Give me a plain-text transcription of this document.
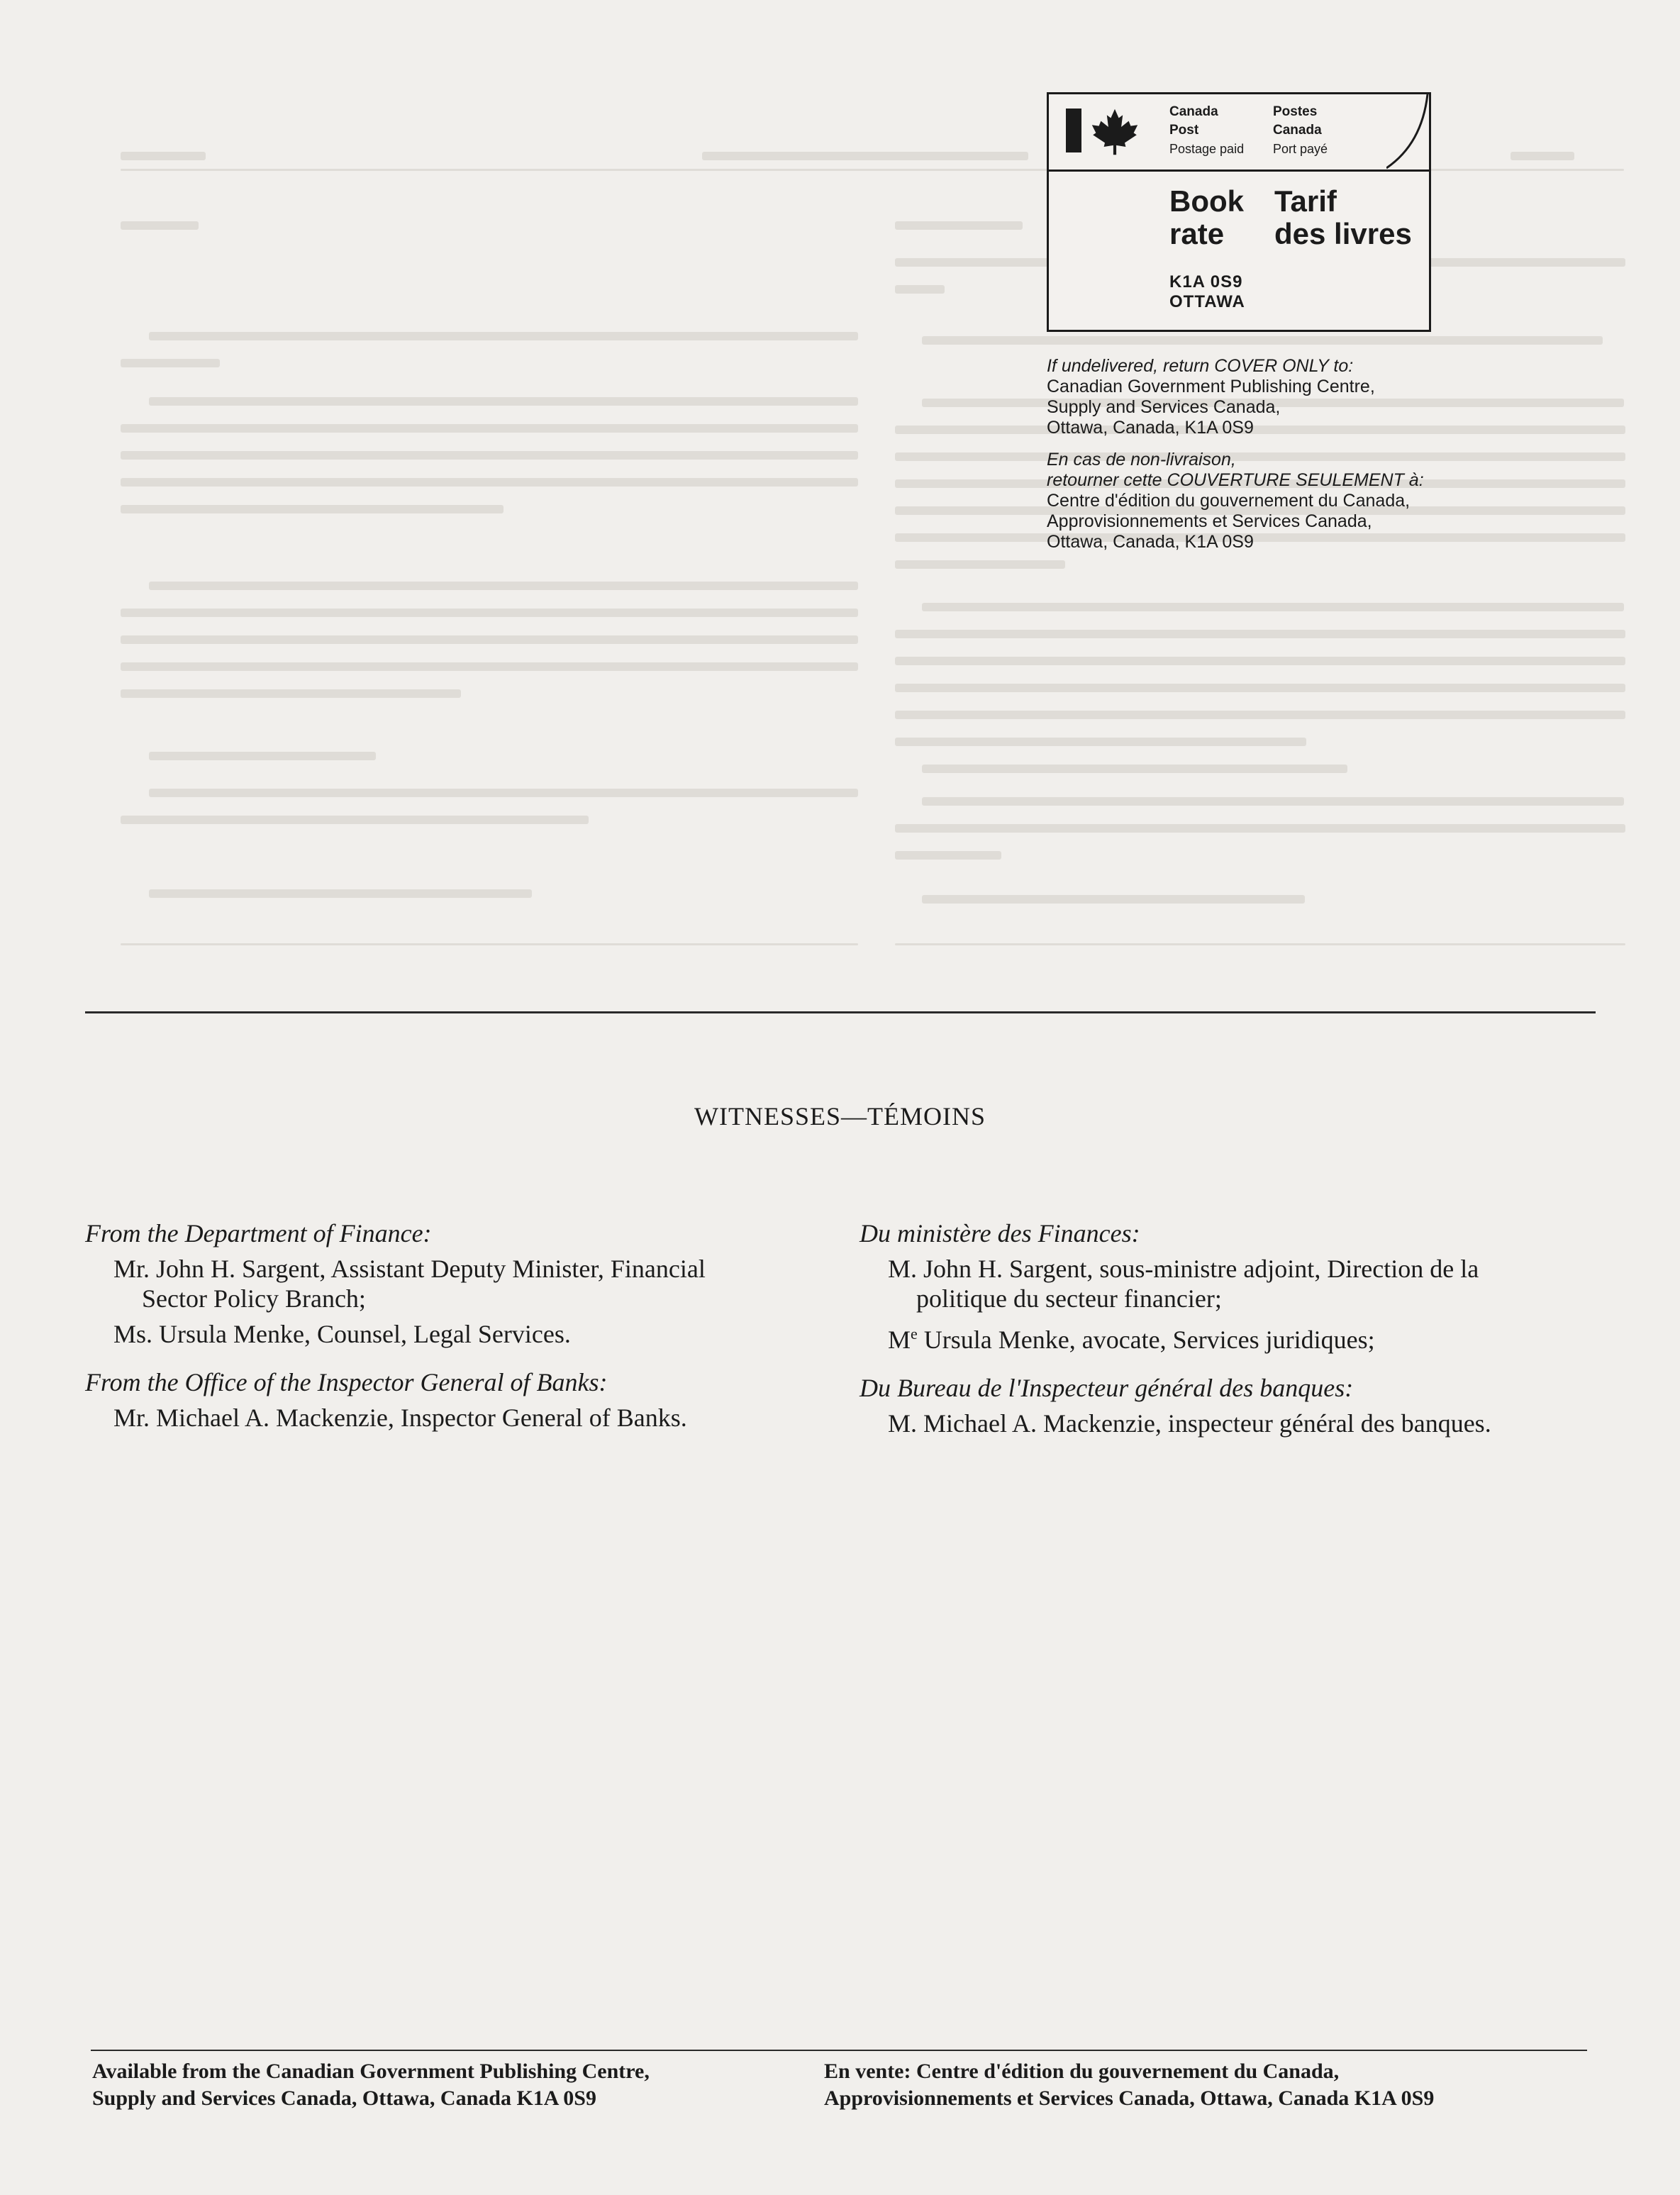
Canada
Post
Postage paid
Postes
Canada
Port payé
Book
rate
Tarif
des livres
K1A 0S9
OTTAWA
If undelivered, return COVER ONLY to:
Canadian Government Publishing Centre,
Supply and Services Canada,
Ottawa, Canada, K1A 0S9
En cas de non-livraison,
retourner cette COUVERTURE SEULEMENT à:
Centre d'édition du gouvernement du Canada,
Approvisionnements et Services Canada,
Ottawa, Canada, K1A 0S9
WITNESSES—TÉMOINS
From the Department of Finance:
Mr. John H. Sargent, Assistant Deputy Minister, Financial
Sector Policy Branch;
Ms. Ursula Menke, Counsel, Legal Services.
From the Office of the Inspector General of Banks:
Mr. Michael A. Mackenzie, Inspector General of Banks.
Du ministère des Finances:
M. John H. Sargent, sous-ministre adjoint, Direction de la
politique du secteur financier;
Me Ursula Menke, avocate, Services juridiques;
Du Bureau de l'Inspecteur général des banques:
M. Michael A. Mackenzie, inspecteur général des banques.
Available from the Canadian Government Publishing Centre,
Supply and Services Canada, Ottawa, Canada K1A 0S9
En vente: Centre d'édition du gouvernement du Canada,
Approvisionnements et Services Canada, Ottawa, Canada K1A 0S9
